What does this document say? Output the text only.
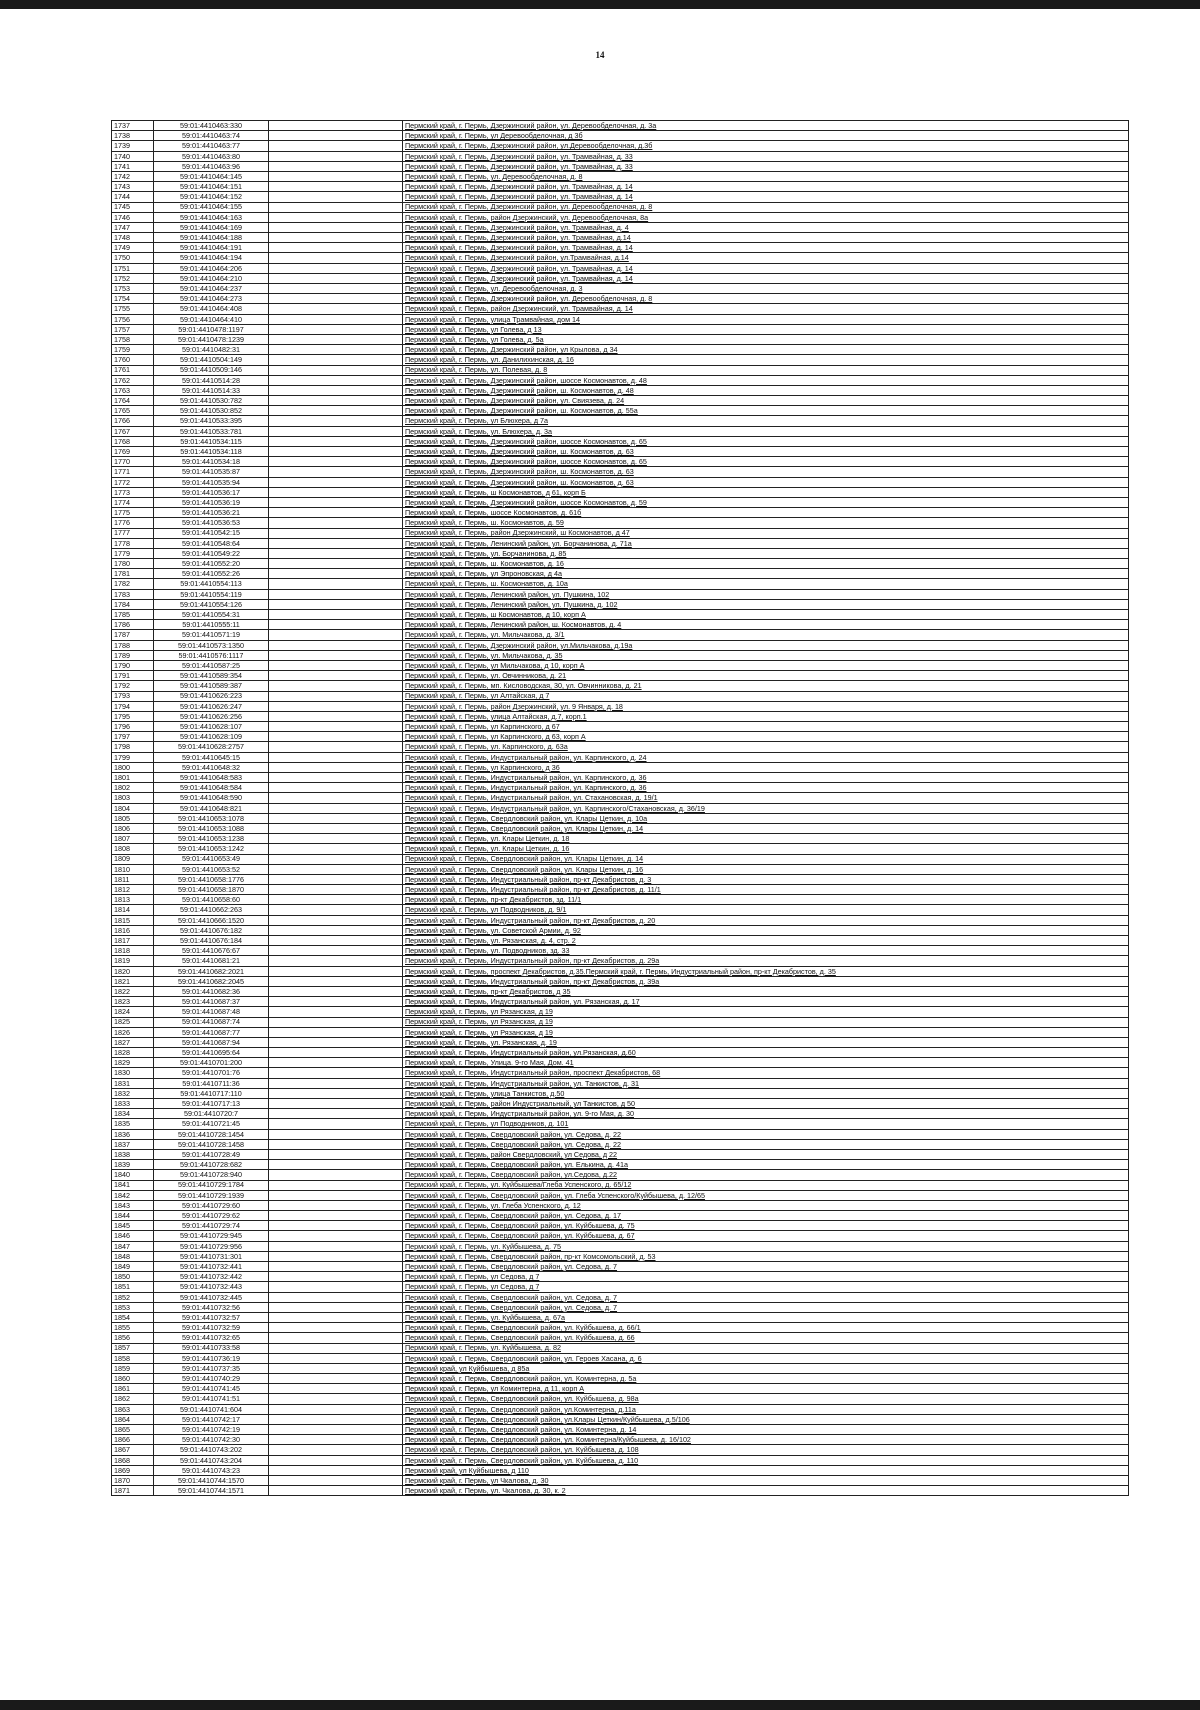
14
1737	59:01:4410463:330		Пермский край, г. Пермь, Дзержинский район, ул. Деревообделочная, д. 3а
1738	59:01:4410463:74		Пермский край, г. Пермь, ул Деревообделочная, д 3б
1739	59:01:4410463:77		Пермский край, г. Пермь, Дзержинский район, ул.Деревообделочная, д.3б
1740	59:01:4410463:80		Пермский край, г. Пермь, Дзержинский район, ул. Трамвайная, д. 33
1741	59:01:4410463:96		Пермский край, г. Пермь, Дзержинский район, ул. Трамвайная, д. 33
1742	59:01:4410464:145		Пермский край, г. Пермь, ул. Деревообделочная, д. 8
1743	59:01:4410464:151		Пермский край, г. Пермь, Дзержинский район, ул. Трамвайная, д. 14
1744	59:01:4410464:152		Пермский край, г. Пермь, Дзержинский район, ул. Трамвайная, д. 14
1745	59:01:4410464:155		Пермский край, г. Пермь, Дзержинский район, ул. Деревообделочная, д. 8
1746	59:01:4410464:163		Пермский край, г. Пермь, район Дзержинский, ул. Деревообделочная, 8а
1747	59:01:4410464:169		Пермский край, г. Пермь, Дзержинский район, ул. Трамвайная, д. 4
1748	59:01:4410464:188		Пермский край, г. Пермь, Дзержинский район, ул. Трамвайная, д.14
1749	59:01:4410464:191		Пермский край, г. Пермь, Дзержинский район, ул. Трамвайная, д. 14
1750	59:01:4410464:194		Пермский край, г. Пермь, Дзержинский район, ул.Трамвайная, д.14
1751	59:01:4410464:206		Пермский край, г. Пермь, Дзержинский район, ул. Трамвайная, д. 14
1752	59:01:4410464:210		Пермский край, г. Пермь, Дзержинский район, ул. Трамвайная, д. 14
1753	59:01:4410464:237		Пермский край, г. Пермь, ул. Деревообделочная, д. 3
1754	59:01:4410464:273		Пермский край, г. Пермь, Дзержинский район, ул. Деревообделочная, д. 8
1755	59:01:4410464:408		Пермский край, г. Пермь, район Дзержинский, ул. Трамвайная, д. 14
1756	59:01:4410464:410		Пермский край, г. Пермь, улица Трамвайная, дом 14
1757	59:01:4410478:1197		Пермский край, г. Пермь, ул Голева, д 13
1758	59:01:4410478:1239		Пермский край, г. Пермь, ул Голева, д. 5а
1759	59:01:4410482:31		Пермский край, г. Пермь, Дзержинский район, ул Крылова, д 34
1760	59:01:4410504:149		Пермский край, г. Пермь, ул. Данилихинская, д. 16
1761	59:01:4410509:146		Пермский край, г. Пермь, ул. Полевая, д. 8
1762	59:01:4410514:28		Пермский край, г. Пермь, Дзержинский район, шоссе Космонавтов, д. 48
1763	59:01:4410514:33		Пермский край, г. Пермь, Дзержинский район, ш. Космонавтов, д. 48
1764	59:01:4410530:782		Пермский край, г. Пермь, Дзержинский район, ул. Свиязева, д. 24
1765	59:01:4410530:852		Пермский край, г. Пермь, Дзержинский район, ш. Космонавтов, д. 55а
1766	59:01:4410533:395		Пермский край, г. Пермь, ул Блюхера, д 7а
1767	59:01:4410533:781		Пермский край, г. Пермь, ул. Блюхера, д. 3а
1768	59:01:4410534:115		Пермский край, г. Пермь, Дзержинский район, шоссе Космонавтов, д. 65
1769	59:01:4410534:118		Пермский край, г. Пермь, Дзержинский район, ш. Космонавтов, д. 63
1770	59:01:4410534:18		Пермский край, г. Пермь, Дзержинский район, шоссе Космонавтов, д. 65
1771	59:01:4410535:87		Пермский край, г. Пермь, Дзержинский район, ш. Космонавтов, д. 63
1772	59:01:4410535:94		Пермский край, г. Пермь, Дзержинский район, ш. Космонавтов, д. 63
1773	59:01:4410536:17		Пермский край, г. Пермь, ш Космонавтов, д 61, корп Б
1774	59:01:4410536:19		Пермский край, г. Пермь, Дзержинский район, шоссе Космонавтов, д. 59
1775	59:01:4410536:21		Пермский край, г. Пермь, шоссе Космонавтов, д. 61б
1776	59:01:4410536:53		Пермский край, г. Пермь, ш. Космонавтов, д. 59
1777	59:01:4410542:15		Пермский край, г. Пермь, район Дзержинский, ш Космонавтов, д 47
1778	59:01:4410548:64		Пермский край, г. Пермь, Ленинский район, ул. Борчанинова, д. 71а
1779	59:01:4410549:22		Пермский край, г. Пермь, ул. Борчанинова, д. 85
1780	59:01:4410552:20		Пермский край, г. Пермь, ш. Космонавтов, д. 16
1781	59:01:4410552:26		Пермский край, г. Пермь, ул Эпроновская, д 4а
1782	59:01:4410554:113		Пермский край, г. Пермь, ш. Космонавтов, д. 10а
1783	59:01:4410554:119		Пермский край, г. Пермь, Ленинский район, ул. Пушкина, 102
1784	59:01:4410554:126		Пермский край, г. Пермь, Ленинский район, ул. Пушкина, д. 102
1785	59:01:4410554:31		Пермский край, г. Пермь, ш Космонавтов, д 10, корп А
1786	59:01:4410555:11		Пермский край, г. Пермь, Ленинский район, ш. Космонавтов, д. 4
1787	59:01:4410571:19		Пермский край, г. Пермь, ул. Мильчакова, д. 3/1
1788	59:01:4410573:1350		Пермский край, г. Пермь, Дзержинский район, ул.Мильчакова, д.19а
1789	59:01:4410576:1117		Пермский край, г. Пермь, ул. Мильчакова, д. 35
1790	59:01:4410587:25		Пермский край, г. Пермь, ул Мильчакова, д 10, корп А
1791	59:01:4410589:354		Пермский край, г. Пермь, ул. Овчинникова, д. 21
1792	59:01:4410589:387		Пермский край, г. Пермь, мп. Кисловодская, 30, ул. Овчинникова, д. 21
1793	59:01:4410626:223		Пермский край, г. Пермь, ул Алтайская, д 7
1794	59:01:4410626:247		Пермский край, г. Пермь, район Дзержинский, ул. 9 Января, д. 18
1795	59:01:4410626:256		Пермский край, г. Пермь, улица Алтайская, д.7, корп.1
1796	59:01:4410628:107		Пермский край, г. Пермь, ул Карпинского, д 67
1797	59:01:4410628:109		Пермский край, г. Пермь, ул Карпинского, д 63, корп А
1798	59:01:4410628:2757		Пермский край, г. Пермь, ул. Карпинского, д. 63а
1799	59:01:4410645:15		Пермский край, г. Пермь, Индустриальный район, ул. Карпинского, д. 24
1800	59:01:4410648:32		Пермский край, г. Пермь, ул Карпинского, д 36
1801	59:01:4410648:583		Пермский край, г. Пермь, Индустриальный район, ул. Карпинского, д. 36
1802	59:01:4410648:584		Пермский край, г. Пермь, Индустриальный район, ул. Карпинского, д. 36
1803	59:01:4410648:590		Пермский край, г. Пермь, Индустриальный район, ул. Стахановская, д. 19/1
1804	59:01:4410648:821		Пермский край, г. Пермь, Индустриальный район, ул. Карпинского/Стахановская, д. 36/19
1805	59:01:4410653:1078		Пермский край, г. Пермь, Свердловский район, ул. Клары Цеткин, д. 10а
1806	59:01:4410653:1088		Пермский край, г. Пермь, Свердловский район, ул. Клары Цеткин, д. 14
1807	59:01:4410653:1238		Пермский край, г. Пермь, ул. Клары Цеткин, д. 18
1808	59:01:4410653:1242		Пермский край, г. Пермь, ул. Клары Цеткин, д. 16
1809	59:01:4410653:49		Пермский край, г. Пермь, Свердловский район, ул. Клары Цеткин, д. 14
1810	59:01:4410653:52		Пермский край, г. Пермь, Свердловский район, ул. Клары Цеткин, д. 16
1811	59:01:4410658:1776		Пермский край, г. Пермь, Индустриальный район, пр-кт Декабристов, д. 3
1812	59:01:4410658:1870		Пермский край, г. Пермь, Индустриальный район, пр-кт Декабристов, д. 11/1
1813	59:01:4410658:60		Пермский край, г. Пермь, пр-кт Декабристов, зд. 11/1
1814	59:01:4410662:263		Пермский край, г. Пермь, ул Подводников, д. 9/1
1815	59:01:4410666:1520		Пермский край, г. Пермь, Индустриальный район, пр-кт Декабристов, д. 20
1816	59:01:4410676:182		Пермский край, г. Пермь, ул. Советской Армии, д. 92
1817	59:01:4410676:184		Пермский край, г. Пермь, ул. Рязанская, д. 4, стр. 2
1818	59:01:4410676:67		Пермский край, г. Пермь, ул. Подводников, зд. 33
1819	59:01:4410681:21		Пермский край, г. Пермь, Индустриальный район, пр-кт Декабристов, д. 29а
1820	59:01:4410682:2021		Пермский край, г. Пермь, проспект Декабристов, д.35.Пермский край, г. Пермь, Индустриальный район, пр-кт Декабристов, д. 35
1821	59:01:4410682:2045		Пермский край, г. Пермь, Индустриальный район, пр-кт Декабристов, д. 39а
1822	59:01:4410682:36		Пермский край, г. Пермь, пр-кт Декабристов, д 35
1823	59:01:4410687:37		Пермский край, г. Пермь, Индустриальный район, ул. Рязанская, д. 17
1824	59:01:4410687:48		Пермский край, г. Пермь, ул Рязанская, д 19
1825	59:01:4410687:74		Пермский край, г. Пермь, ул Рязанская, д 19
1826	59:01:4410687:77		Пермский край, г. Пермь, ул Рязанская, д 19
1827	59:01:4410687:94		Пермский край, г. Пермь, ул. Рязанская, д. 19
1828	59:01:4410695:64		Пермский край, г. Пермь, Индустриальный район, ул.Рязанская, д.60
1829	59:01:4410701:200		Пермский край, г. Пермь, Улица. 9-го Мая, Дом. 41
1830	59:01:4410701:76		Пермский край, г. Пермь, Индустриальный район, проспект Декабристов, 68
1831	59:01:4410711:36		Пермский край, г. Пермь, Индустриальный район, ул. Танкистов, д. 31
1832	59:01:4410717:110		Пермский край, г. Пермь, улица Танкистов, д.50
1833	59:01:4410717:13		Пермский край, г. Пермь, район Индустриальный, ул Танкистов, д 50
1834	59:01:4410720:7		Пермский край, г. Пермь, Индустриальный район, ул. 9-го Мая, д. 30
1835	59:01:4410721:45		Пермский край, г. Пермь, ул Подводников, д. 101
1836	59:01:4410728:1454		Пермский край, г. Пермь, Свердловский район, ул. Седова, д. 22
1837	59:01:4410728:1458		Пермский край, г. Пермь, Свердловский район, ул. Седова, д. 22
1838	59:01:4410728:49		Пермский край, г. Пермь, район Свердловский, ул Седова, д 22
1839	59:01:4410728:682		Пермский край, г. Пермь, Свердловский район, ул. Елькина, д. 41а
1840	59:01:4410728:940		Пермский край, г. Пермь, Свердловский район, ул.Седова, д.22
1841	59:01:4410729:1784		Пермский край, г. Пермь, ул. Куйбышева/Глеба Успенского, д. 65/12
1842	59:01:4410729:1939		Пермский край, г. Пермь, Свердловский район, ул. Глеба Успенского/Куйбышева, д. 12/65
1843	59:01:4410729:60		Пермский край, г. Пермь, ул. Глеба Успенского, д. 12
1844	59:01:4410729:62		Пермский край, г. Пермь, Свердловский район, ул. Седова, д. 17
1845	59:01:4410729:74		Пермский край, г. Пермь, Свердловский район, ул. Куйбышева, д. 75
1846	59:01:4410729:945		Пермский край, г. Пермь, Свердловский район, ул. Куйбышева, д. 67
1847	59:01:4410729:956		Пермский край, г. Пермь, ул. Куйбышева, д. 75
1848	59:01:4410731:301		Пермский край, г. Пермь, Свердловский район, пр-кт Комсомольский, д. 53
1849	59:01:4410732:441		Пермский край, г. Пермь, Свердловский район, ул. Седова, д. 7
1850	59:01:4410732:442		Пермский край, г. Пермь, ул Седова, д 7
1851	59:01:4410732:443		Пермский край, г. Пермь, ул Седова, д 7
1852	59:01:4410732:445		Пермский край, г. Пермь, Свердловский район, ул. Седова, д. 7
1853	59:01:4410732:56		Пермский край, г. Пермь, Свердловский район, ул. Седова, д. 7
1854	59:01:4410732:57		Пермский край, г. Пермь, ул. Куйбышева, д. 67а
1855	59:01:4410732:59		Пермский край, г. Пермь, Свердловский район, ул. Куйбышева, д. 66/1
1856	59:01:4410732:65		Пермский край, г. Пермь, Свердловский район, ул. Куйбышева, д. 66
1857	59:01:4410733:58		Пермский край, г. Пермь, ул. Куйбышева, д. 82
1858	59:01:4410736:19		Пермский край, г. Пермь, Свердловский район, ул. Героев Хасана, д. 6
1859	59:01:4410737:35		Пермский край, ул Куйбышева, д 85а
1860	59:01:4410740:29		Пермский край, г. Пермь, Свердловский район, ул. Коминтерна, д. 5а
1861	59:01:4410741:45		Пермский край, г. Пермь, ул Коминтерна, д 11, корп А
1862	59:01:4410741:51		Пермский край, г. Пермь, Свердловский район, ул. Куйбышева, д. 98а
1863	59:01:4410741:604		Пермский край, г. Пермь, Свердловский район, ул.Коминтерна, д.11а
1864	59:01:4410742:17		Пермский край, г. Пермь, Свердловский район, ул.Клары Цеткин/Куйбышева, д.5/106
1865	59:01:4410742:19		Пермский край, г. Пермь, Свердловский район, ул. Коминтерна, д. 14
1866	59:01:4410742:30		Пермский край, г. Пермь, Свердловский район, ул. Коминтерна/Куйбышева, д. 16/102
1867	59:01:4410743:202		Пермский край, г. Пермь, Свердловский район, ул. Куйбышева, д. 108
1868	59:01:4410743:204		Пермский край, г. Пермь, Свердловский район, ул. Куйбышева, д. 110
1869	59:01:4410743:23		Пермский край, ул Куйбышева, д 110
1870	59:01:4410744:1570		Пермский край, г. Пермь, ул Чкалова, д. 30
1871	59:01:4410744:1571		Пермский край, г. Пермь, ул. Чкалова, д. 30, к. 2
